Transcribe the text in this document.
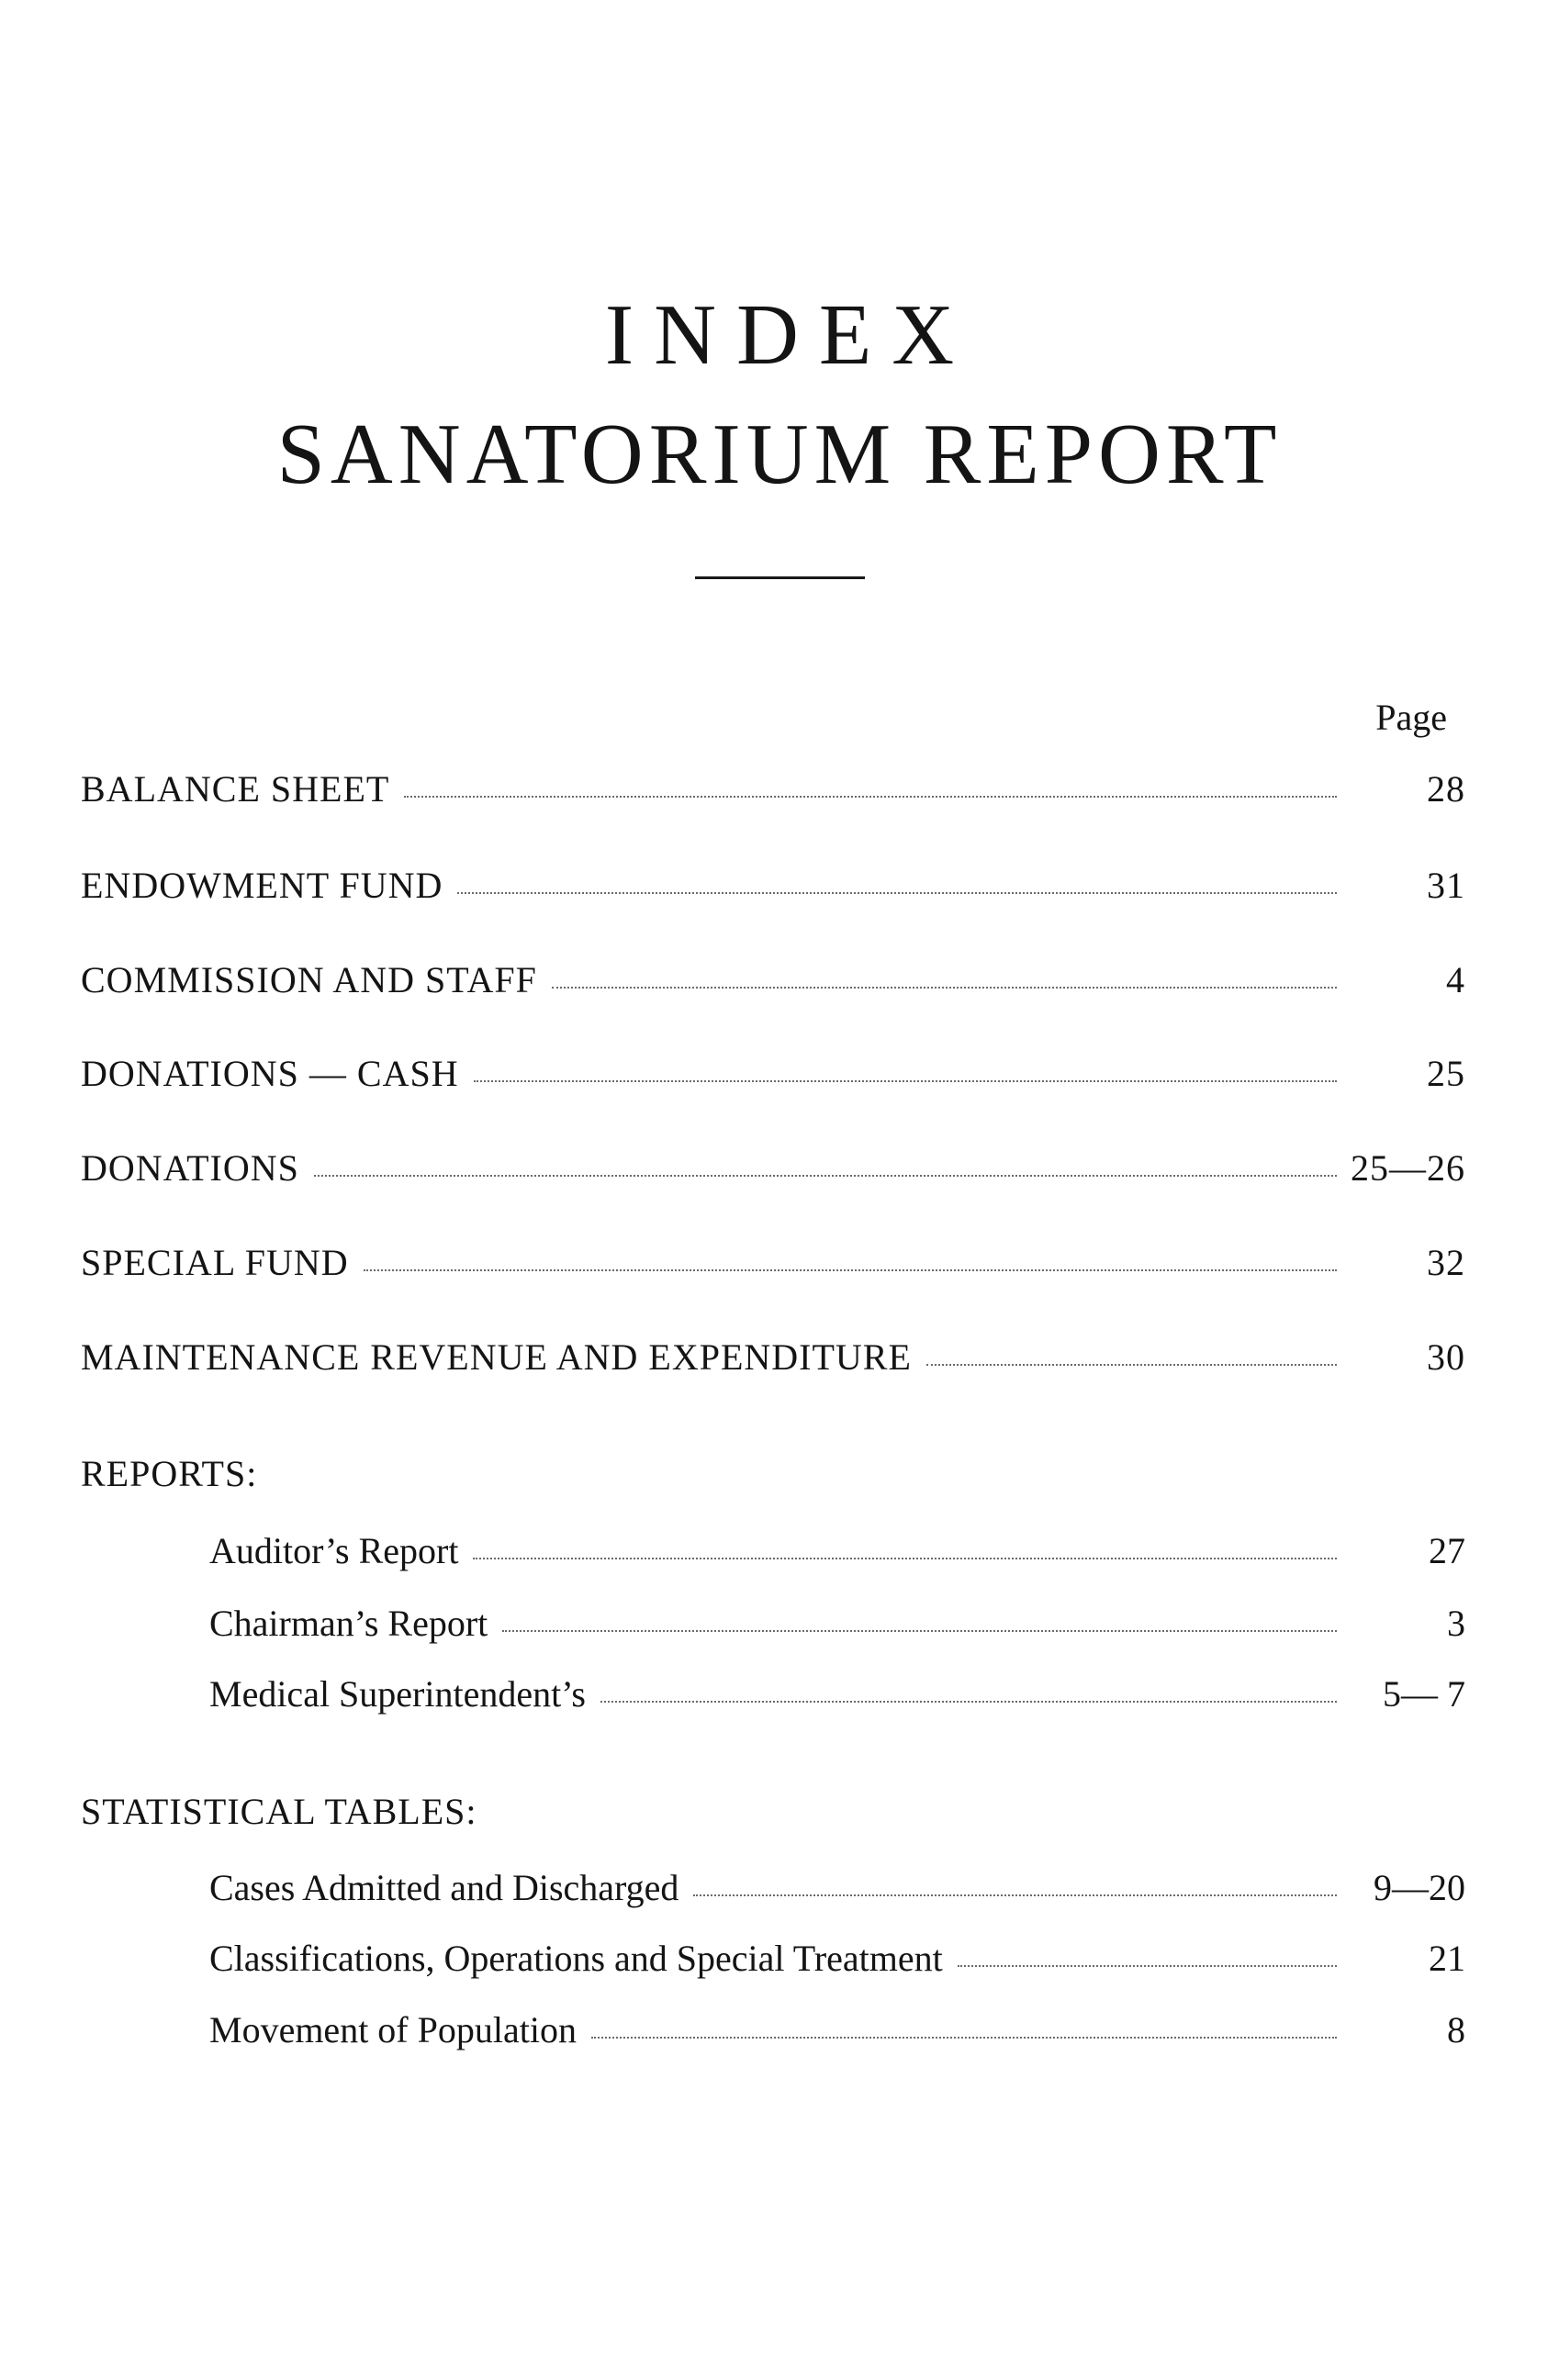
INDEX
SANATORIUM REPORT
Page
BALANCE SHEET	28
ENDOWMENT FUND	31
COMMISSION AND STAFF	4
DONATIONS — CASH	25
DONATIONS	25—26
SPECIAL FUND	32
MAINTENANCE REVENUE AND EXPENDITURE	30
REPORTS:
Auditor’s Report	27
Chairman’s Report	3
Medical Superintendent’s	5— 7
STATISTICAL TABLES:
Cases Admitted and Discharged	9—20
Classifications, Operations and Special Treatment	21
Movement of Population	8
